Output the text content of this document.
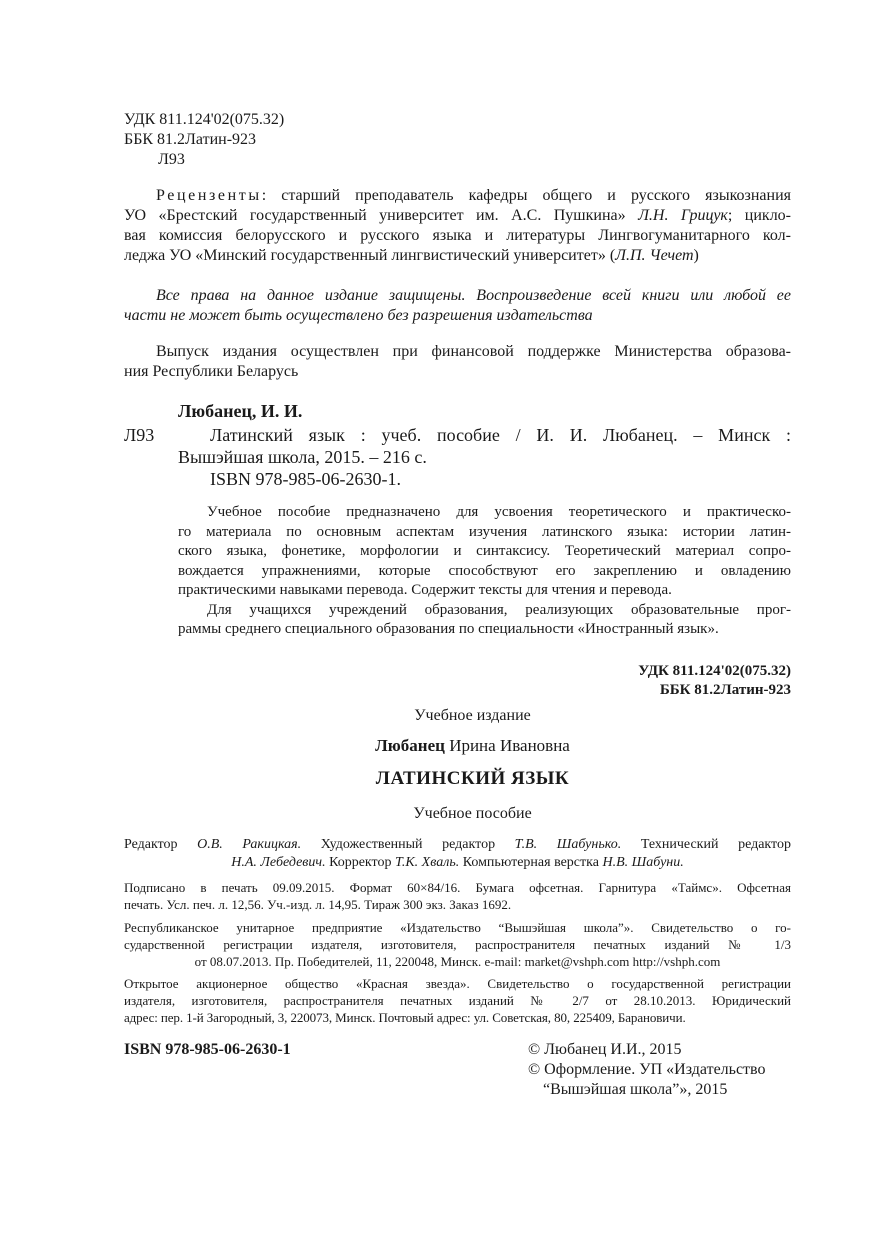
УДК 811.124'02(075.32)
ББК 81.2Латин-923
Л93
Рецензенты: старший преподаватель кафедры общего и русского языкознания
УО «Брестский государственный университет им. А.С. Пушкина» Л.Н. Грицук; цикло-
вая комиссия белорусского и русского языка и литературы Лингвогуманитарного кол-
леджа УО «Минский государственный лингвистический университет» (Л.П. Чечет)
Все права на данное издание защищены. Воспроизведение всей книги или любой ее
части не может быть осуществлено без разрешения издательства
Выпуск издания осуществлен при финансовой поддержке Министерства образова-
ния Республики Беларусь
Любанец, И. И.
Л93	Латинский язык : учеб. пособие / И. И. Любанец. – Минск :
Вышэйшая школа, 2015. – 216 с.
ISBN 978-985-06-2630-1.
Учебное пособие предназначено для усвоения теоретического и практическо-
го материала по основным аспектам изучения латинского языка: истории латин-
ского языка, фонетике, морфологии и синтаксису. Теоретический материал сопро-
вождается упражнениями, которые способствуют его закреплению и овладению
практическими навыками перевода. Содержит тексты для чтения и перевода.
Для учащихся учреждений образования, реализующих образовательные прог-
раммы среднего специального образования по специальности «Иностранный язык».
УДК 811.124'02(075.32)
ББК 81.2Латин-923
Учебное издание
Любанец Ирина Ивановна
ЛАТИНСКИЙ ЯЗЫК
Учебное пособие
Редактор О.В. Ракицкая. Художественный редактор Т.В. Шабунько. Технический редактор
Н.А. Лебедевич. Корректор Т.К. Хваль. Компьютерная верстка Н.В. Шабуни.
Подписано в печать 09.09.2015. Формат 60×84/16. Бумага офсетная. Гарнитура «Таймс». Офсетная
печать. Усл. печ. л. 12,56. Уч.-изд. л. 14,95. Тираж 300 экз. Заказ 1692.
Республиканское унитарное предприятие «Издательство “Вышэйшая школа”». Свидетельство о го-
сударственной регистрации издателя, изготовителя, распространителя печатных изданий № 1/3
от 08.07.2013. Пр. Победителей, 11, 220048, Минск. e-mail: market@vshph.com http://vshph.com
Открытое акционерное общество «Красная звезда». Свидетельство о государственной регистрации
издателя, изготовителя, распространителя печатных изданий № 2/7 от 28.10.2013. Юридический
адрес: пер. 1-й Загородный, 3, 220073, Минск. Почтовый адрес: ул. Советская, 80, 225409, Барановичи.
ISBN 978-985-06-2630-1	© Любанец И.И., 2015
© Оформление. УП «Издательство
“Вышэйшая школа”», 2015
